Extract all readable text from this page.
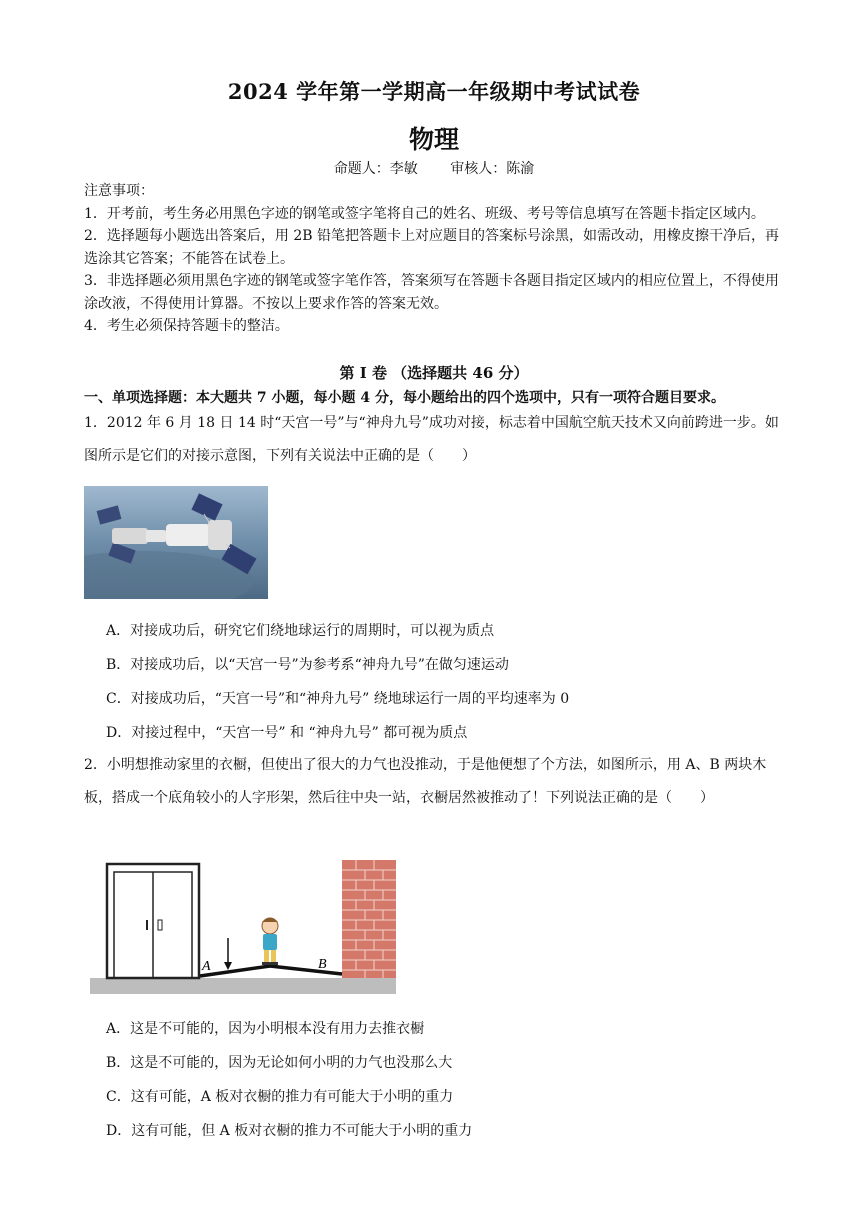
2024 学年第一学期高一年级期中考试试卷
物理
命题人：李敏 审核人：陈渝
注意事项：
1．开考前，考生务必用黑色字迹的钢笔或签字笔将自己的姓名、班级、考号等信息填写在答题卡指定区域内。
2．选择题每小题选出答案后，用 2B 铅笔把答题卡上对应题目的答案标号涂黑，如需改动，用橡皮擦干净后，再选涂其它答案；不能答在试卷上。
3．非选择题必须用黑色字迹的钢笔或签字笔作答，答案须写在答题卡各题目指定区域内的相应位置上，不得使用涂改液，不得使用计算器。不按以上要求作答的答案无效。
4．考生必须保持答题卡的整洁。
第 I 卷 （选择题共 46 分）
一、单项选择题：本大题共 7 小题，每小题 4 分，每小题给出的四个选项中，只有一项符合题目要求。
1．2012 年 6 月 18 日 14 时“天宫一号”与“神舟九号”成功对接，标志着中国航空航天技术又向前跨进一步。如图所示是它们的对接示意图，下列有关说法中正确的是（　　）
A．对接成功后，研究它们绕地球运行的周期时，可以视为质点
B．对接成功后，以“天宫一号”为参考系“神舟九号”在做匀速运动
C．对接成功后，“天宫一号”和“神舟九号” 绕地球运行一周的平均速率为 0
D．对接过程中，“天宫一号” 和 “神舟九号” 都可视为质点
2．小明想推动家里的衣橱，但使出了很大的力气也没推动，于是他便想了个方法，如图所示，用 A、B 两块木板，搭成一个底角较小的人字形架，然后往中央一站，衣橱居然被推动了！下列说法正确的是（　　）
A	B
A．这是不可能的，因为小明根本没有用力去推衣橱
B．这是不可能的，因为无论如何小明的力气也没那么大
C．这有可能，A 板对衣橱的推力有可能大于小明的重力
D．这有可能，但 A 板对衣橱的推力不可能大于小明的重力
